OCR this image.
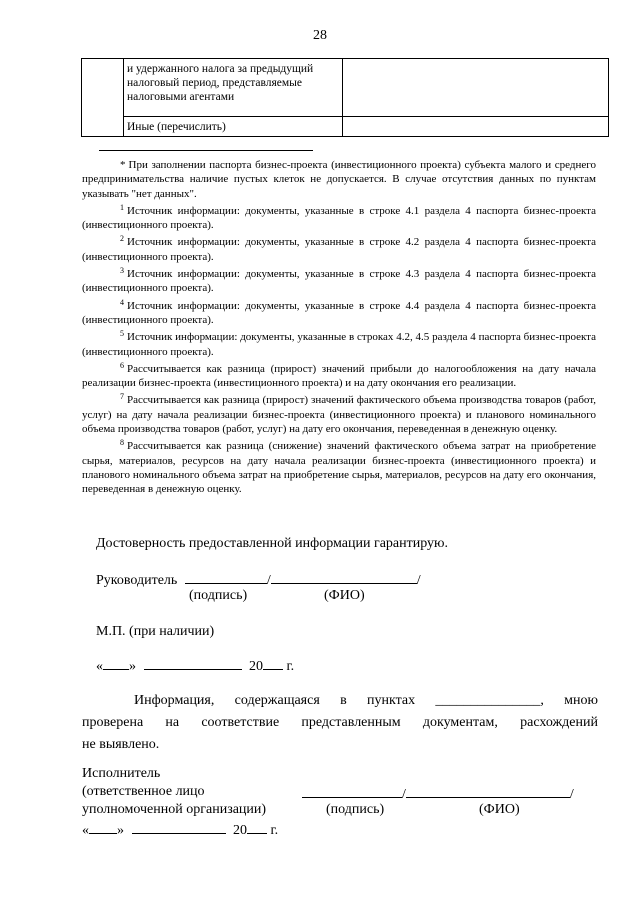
28
и удержанного налога за предыдущий
налоговый период, представляемые
налоговыми агентами
Иные (перечислить)

* При заполнении паспорта бизнес-проекта (инвестиционного проекта) субъекта малого и среднего предпринимательства наличие пустых клеток не допускается. В случае отсутствия данных по пунктам указывать "нет данных".

$^1$ Источник информации: документы, указанные в строке 4.1 раздела 4 паспорта бизнес-проекта (инвестиционного проекта).

$^2$ Источник информации: документы, указанные в строке 4.2 раздела 4 паспорта бизнес-проекта (инвестиционного проекта).

$^3$ Источник информации: документы, указанные в строке 4.3 раздела 4 паспорта бизнес-проекта (инвестиционного проекта).

$^4$ Источник информации: документы, указанные в строке 4.4 раздела 4 паспорта бизнес-проекта (инвестиционного проекта).

$^5$ Источник информации: документы, указанные в строках 4.2, 4.5 раздела 4 паспорта бизнес-проекта (инвестиционного проекта).

$^6$ Рассчитывается как разница (прирост) значений прибыли до налогообложения на дату начала реализации бизнес-проекта (инвестиционного проекта) и на дату окончания его реализации.

$^7$ Рассчитывается как разница (прирост) значений фактического объема производства товаров (работ, услуг) на дату начала реализации бизнес-проекта (инвестиционного проекта) и планового номинального объема производства товаров (работ, услуг) на дату его окончания, переведенная в денежную оценку.

$^8$ Рассчитывается как разница (снижение) значений фактического объема затрат на приобретение сырья, материалов, ресурсов на дату начала реализации бизнес-проекта (инвестиционного проекта) и планового номинального объема затрат на приобретение сырья, материалов, ресурсов на дату его окончания, переведенная в денежную оценку.

Достоверность предоставленной информации гарантирую.
Руководитель	/	/
(подпись)	(ФИО)
М.П. (при наличии)
« »	20 г.
Информация, содержащаяся в пунктах _______________, мною
проверена на соответствие представленным документам, расхождений
не выявлено.
Исполнитель
(ответственное лицо	/	/
уполномоченной организации)	(подпись)	(ФИО)
« »	20 г.
